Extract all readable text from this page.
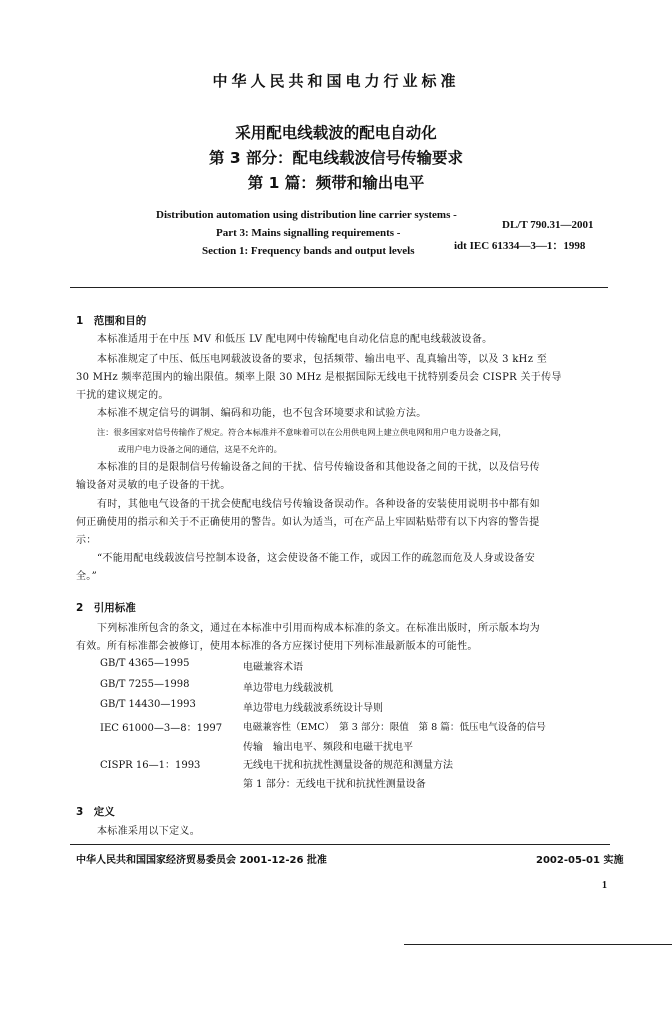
中华人民共和国电力行业标准
采用配电线载波的配电自动化
第 3 部分：配电线载波信号传输要求
第 1 篇：频带和输出电平
Distribution automation using distribution line carrier systems -
Part 3: Mains signalling requirements -
Section 1: Frequency bands and output levels
DL/T 790.31—2001
idt IEC 61334—3—1：1998
1　范围和目的
本标准适用于在中压 MV 和低压 LV 配电网中传输配电自动化信息的配电线载波设备。
本标准规定了中压、低压电网载波设备的要求，包括频带、输出电平、乱真输出等，以及 3 kHz 至
30 MHz 频率范围内的输出限值。频率上限 30 MHz 是根据国际无线电干扰特别委员会 CISPR 关于传导
干扰的建议规定的。
本标准不规定信号的调制、编码和功能，也不包含环境要求和试验方法。
注：很多国家对信号传输作了规定。符合本标准并不意味着可以在公用供电网上建立供电网和用户电力设备之间，
或用户电力设备之间的通信，这是不允许的。
本标准的目的是限制信号传输设备之间的干扰、信号传输设备和其他设备之间的干扰，以及信号传
输设备对灵敏的电子设备的干扰。
有时，其他电气设备的干扰会使配电线信号传输设备误动作。各种设备的安装使用说明书中都有如
何正确使用的指示和关于不正确使用的警告。如认为适当，可在产品上牢固粘贴带有以下内容的警告提
示：
“不能用配电线载波信号控制本设备，这会使设备不能工作，或因工作的疏忽而危及人身或设备安
全。”
2　引用标准
下列标准所包含的条文，通过在本标准中引用而构成本标准的条文。在标准出版时，所示版本均为
有效。所有标准都会被修订，使用本标准的各方应探讨使用下列标准最新版本的可能性。
GB/T 4365—1995	电磁兼容术语
GB/T 7255—1998	单边带电力线载波机
GB/T 14430—1993	单边带电力线载波系统设计导则
IEC 61000—3—8：1997 电磁兼容性（EMC）　第 3 部分：限值　第 8 篇：低压电气设备的信号
传输　输出电平、频段和电磁干扰电平
CISPR 16—1：1993	无线电干扰和抗扰性测量设备的规范和测量方法
第 1 部分：无线电干扰和抗扰性测量设备
3　定义
本标准采用以下定义。
中华人民共和国国家经济贸易委员会 2001-12-26 批准	2002-05-01 实施
1
